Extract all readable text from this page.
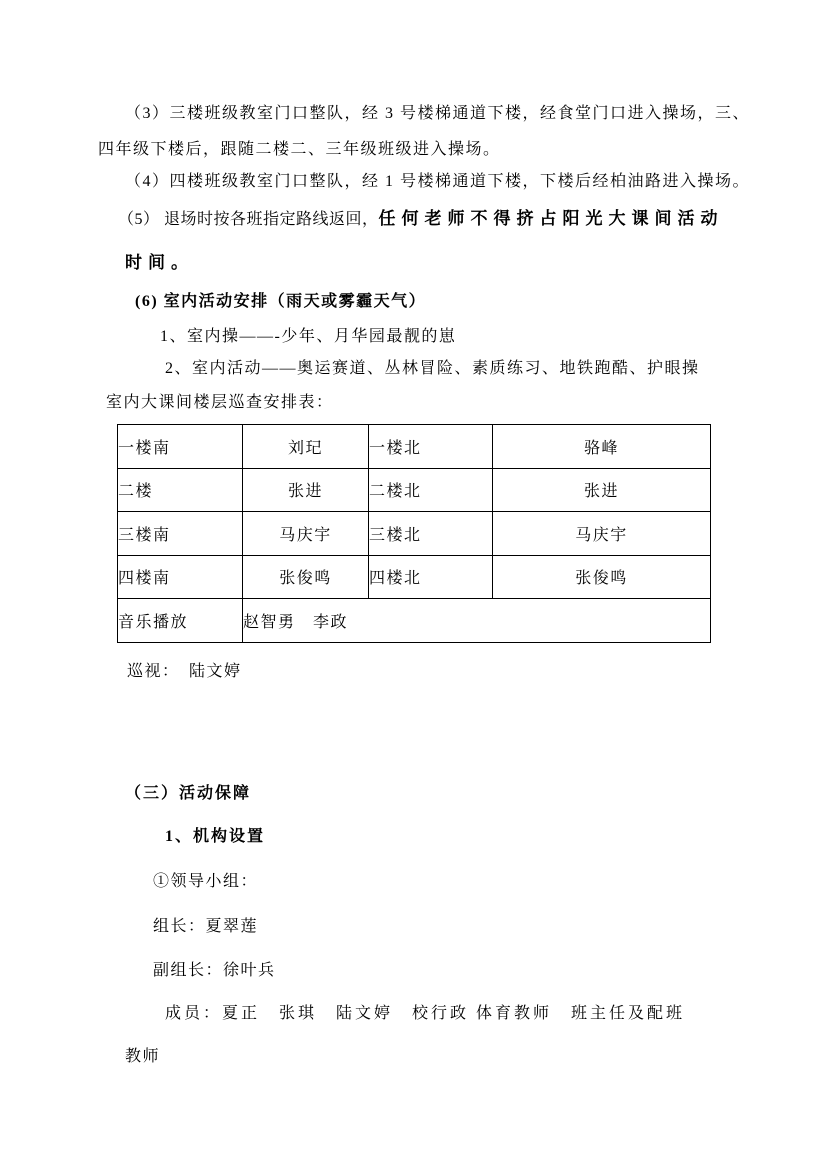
（3）三楼班级教室门口整队，经 3 号楼梯通道下楼，经食堂门口进入操场，三、
四年级下楼后，跟随二楼二、三年级班级进入操场。
（4）四楼班级教室门口整队，经 1 号楼梯通道下楼，下楼后经柏油路进入操场。
（5） 退场时按各班指定路线返回，任何老师不得挤占阳光大课间活动
时间。
(6) 室内活动安排（雨天或雾霾天气）
1、室内操——-少年、月华园最靓的崽
2、室内活动——奥运赛道、丛林冒险、素质练习、地铁跑酷、护眼操
室内大课间楼层巡查安排表：
一楼南	刘玘	一楼北	骆峰
二楼	张进	二楼北	张进
三楼南	马庆宇	三楼北	马庆宇
四楼南	张俊鸣	四楼北	张俊鸣
音乐播放	赵智勇　李政		
巡视：　陆文婷
（三）活动保障
1、机构设置
①领导小组：
组长：夏翠莲
副组长：徐叶兵
成员：夏正　张琪　陆文婷　校行政 体育教师　班主任及配班
教师
